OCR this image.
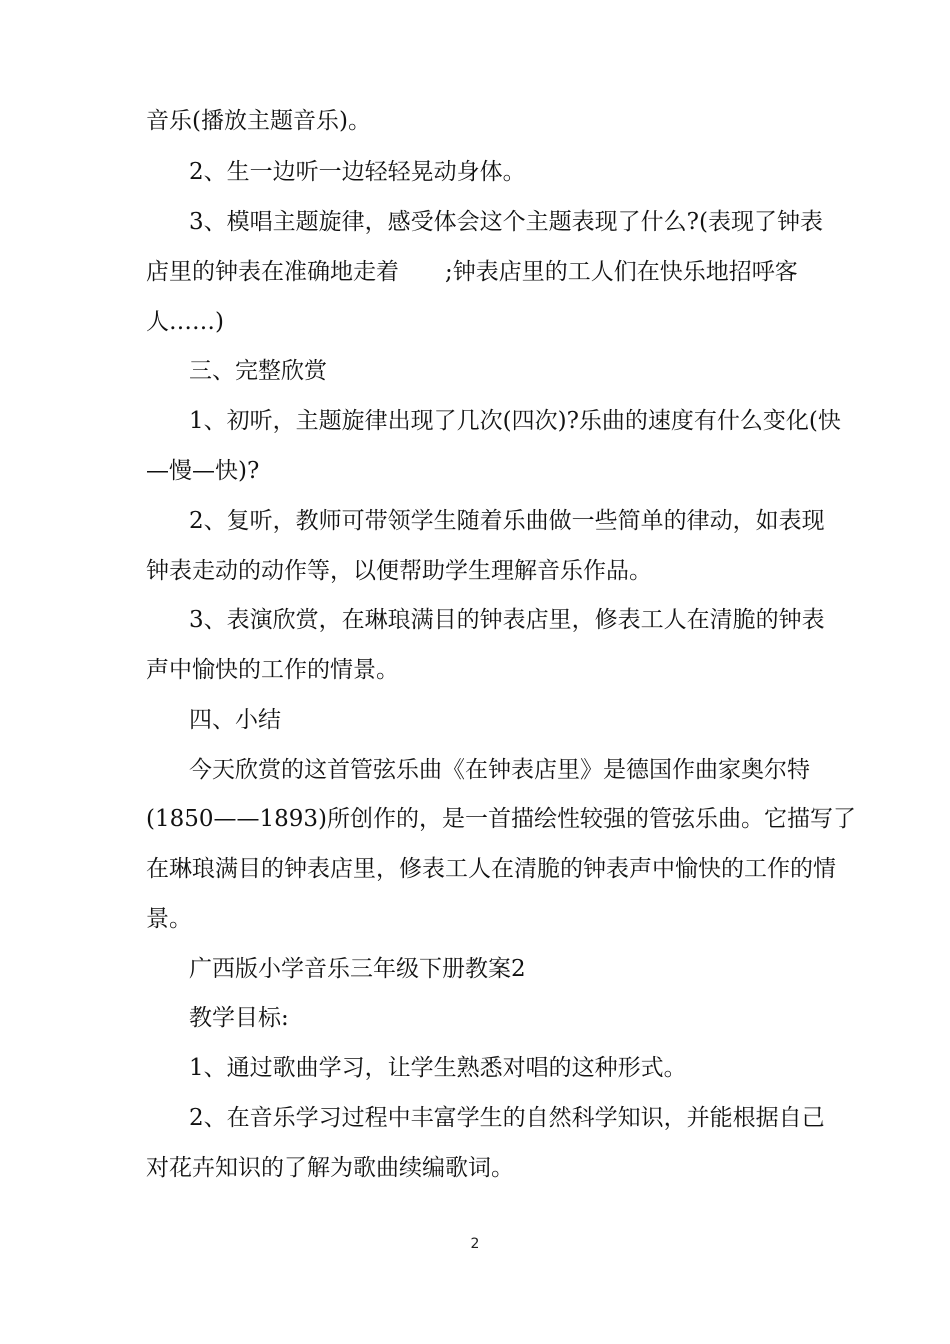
音乐(播放主题音乐)。
2、生一边听一边轻轻晃动身体。
3、模唱主题旋律，感受体会这个主题表现了什么?(表现了钟表
店里的钟表在准确地走着　　;钟表店里的工人们在快乐地招呼客
人……)
三、完整欣赏
1、初听，主题旋律出现了几次(四次)?乐曲的速度有什么变化(快
—慢—快)?
2、复听，教师可带领学生随着乐曲做一些简单的律动，如表现
钟表走动的动作等，以便帮助学生理解音乐作品。
3、表演欣赏，在琳琅满目的钟表店里，修表工人在清脆的钟表
声中愉快的工作的情景。
四、小结
今天欣赏的这首管弦乐曲《在钟表店里》是德国作曲家奥尔特
(1850——1893)所创作的，是一首描绘性较强的管弦乐曲。它描写了
在琳琅满目的钟表店里，修表工人在清脆的钟表声中愉快的工作的情
景。
广西版小学音乐三年级下册教案2
教学目标:
1、通过歌曲学习，让学生熟悉对唱的这种形式。
2、在音乐学习过程中丰富学生的自然科学知识，并能根据自己
对花卉知识的了解为歌曲续编歌词。
2
